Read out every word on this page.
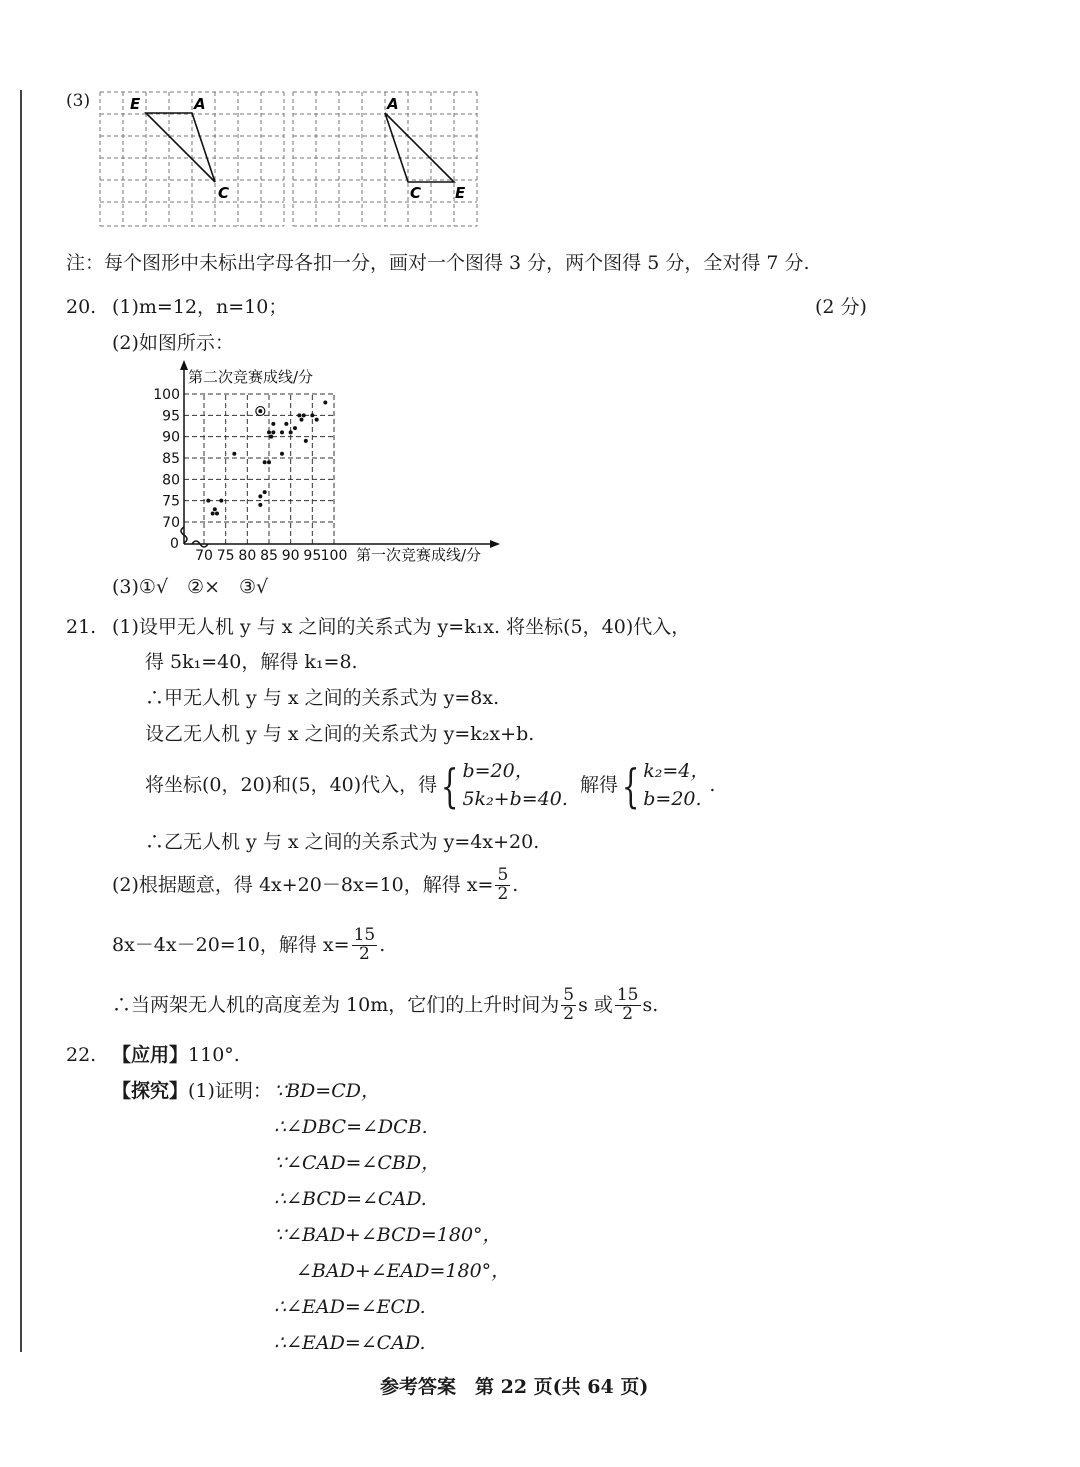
(3)	E	A
C
A
C E
注：每个图形中未标出字母各扣一分，画对一个图得 3 分，两个图得 5 分，全对得 7 分.
20. (1)m=12，n=10；	(2 分)
(2)如图所示：
100
95
90
85
80
75
70
70 75 80 85 90 95 100
第二次竞赛成线/分
第一次竞赛成线/分
0
(3)①√　②×　③√
21. (1)设甲无人机 y 与 x 之间的关系式为 y=k₁x. 将坐标(5，40)代入，
得 5k₁=40，解得 k₁=8.
∴甲无人机 y 与 x 之间的关系式为 y=8x.
设乙无人机 y 与 x 之间的关系式为 y=k₂x+b.
将坐标(0，20)和(5，40)代入，得{ b=20，
5k₂+b=40.
解得{ k₂=4，
b=20.
.
∴乙无人机 y 与 x 之间的关系式为 y=4x+20.
(2)根据题意，得 4x+20－8x=10，解得 $x= \frac{5}{2}$ .
8x－4x－20=10，解得 $x= \frac{15}{2}$ .
∴当两架无人机的高度差为 10m，它们的上升时间为 $\frac{5}{2}$ s 或 $\frac{15}{2} s$.
22. 【应用】110°.
【探究】(1)证明： ∵BD=CD，
∴∠DBC=∠DCB.
∵∠CAD=∠CBD，
∴∠BCD=∠CAD.
∵∠BAD+∠BCD=180°，
∠BAD+∠EAD=180°，
∴∠EAD=∠ECD.
∴∠EAD=∠CAD.
参考答案　第 22 页(共 64 页)
